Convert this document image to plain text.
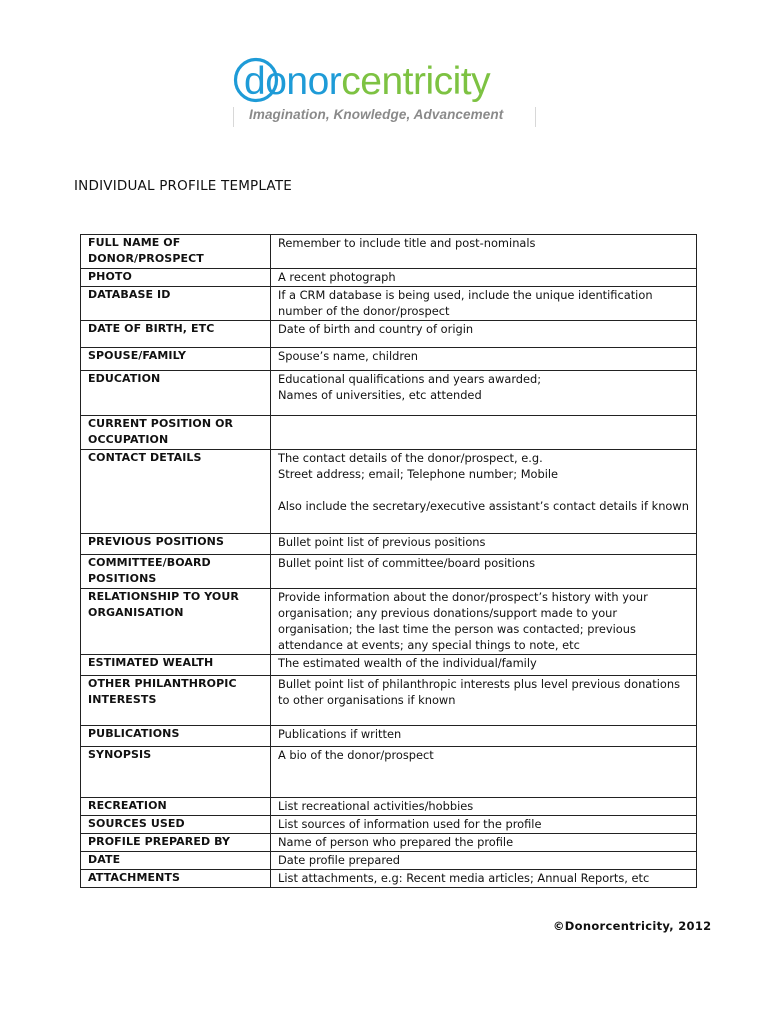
donorcentricity
Imagination, Knowledge, Advancement
INDIVIDUAL PROFILE TEMPLATE
FULL NAME OF DONOR/PROSPECT	Remember to include title and post-nominals
PHOTO	A recent photograph
DATABASE ID	If a CRM database is being used, include the unique identification number of the donor/prospect
DATE OF BIRTH, ETC	Date of birth and country of origin
SPOUSE/FAMILY	Spouse’s name, children
EDUCATION	Educational qualifications and years awarded;
Names of universities, etc attended
CURRENT POSITION OR OCCUPATION	
CONTACT DETAILS	The contact details of the donor/prospect, e.g.
Street address; email; Telephone number; Mobile

Also include the secretary/executive assistant’s contact details if known
PREVIOUS POSITIONS	Bullet point list of previous positions
COMMITTEE/BOARD
POSITIONS	Bullet point list of committee/board positions
RELATIONSHIP TO YOUR ORGANISATION	Provide information about the donor/prospect’s history with your organisation; any previous donations/support made to your organisation; the last time the person was contacted; previous attendance at events; any special things to note, etc
ESTIMATED WEALTH	The estimated wealth of the individual/family
OTHER PHILANTHROPIC INTERESTS	Bullet point list of philanthropic interests plus level previous donations to other organisations if known
PUBLICATIONS	Publications if written
SYNOPSIS	A bio of the donor/prospect
RECREATION	List recreational activities/hobbies
SOURCES USED	List sources of information used for the profile
PROFILE PREPARED BY	Name of person who prepared the profile
DATE	Date profile prepared
ATTACHMENTS	List attachments, e.g: Recent media articles; Annual Reports, etc
©Donorcentricity, 2012
